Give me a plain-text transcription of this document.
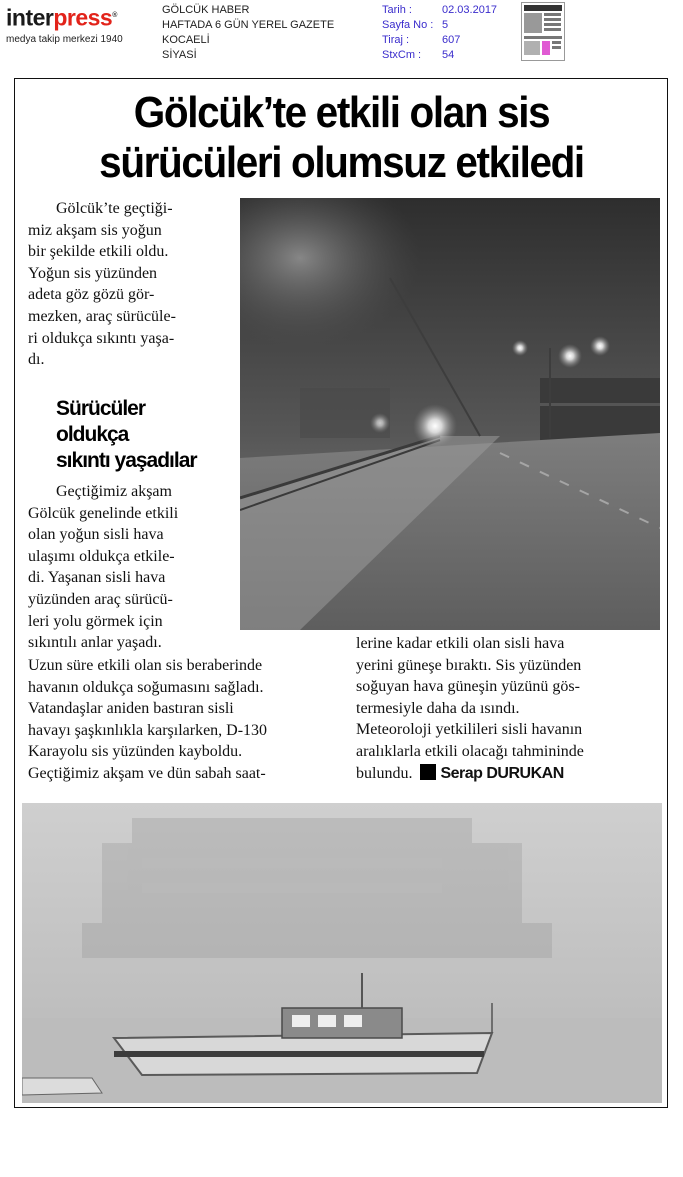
interpress®
medya takip merkezi 1940
GÖLCÜK HABER
HAFTADA 6 GÜN YEREL GAZETE
KOCAELİ
SİYASİ
Tarih :	02.03.2017
Sayfa No : 5
Tiraj :	607
StxCm :	54
Gölcük’te etkili olan sis
sürücüleri olumsuz etkiledi

Gölcük’te geçtiği-

miz akşam sis yoğun

bir şekilde etkili oldu.

Yoğun sis yüzünden

adeta göz gözü gör-

mezken, araç sürücüle-

ri oldukça sıkıntı yaşa-

dı.

Sürücüler
oldukça
sıkıntı yaşadılar

Geçtiğimiz akşam

Gölcük genelinde etkili

olan yoğun sisli hava

ulaşımı oldukça etkile-

di. Yaşanan sisli hava

yüzünden araç sürücü-

leri yolu görmek için

sıkıntılı anlar yaşadı.

Uzun süre etkili olan sis beraberinde

havanın oldukça soğumasını sağladı.

Vatandaşlar aniden bastıran sisli

havayı şaşkınlıkla karşılarken, D-130

Karayolu sis yüzünden kayboldu.

Geçtiğimiz akşam ve dün sabah saat-

lerine kadar etkili olan sisli hava

yerini güneşe bıraktı. Sis yüzünden

soğuyan hava güneşin yüzünü gös-

termesiyle daha da ısındı.

Meteoroloji yetkilileri sisli havanın

aralıklarla etkili olacağı tahmininde

bulundu. Serap DURUKAN
